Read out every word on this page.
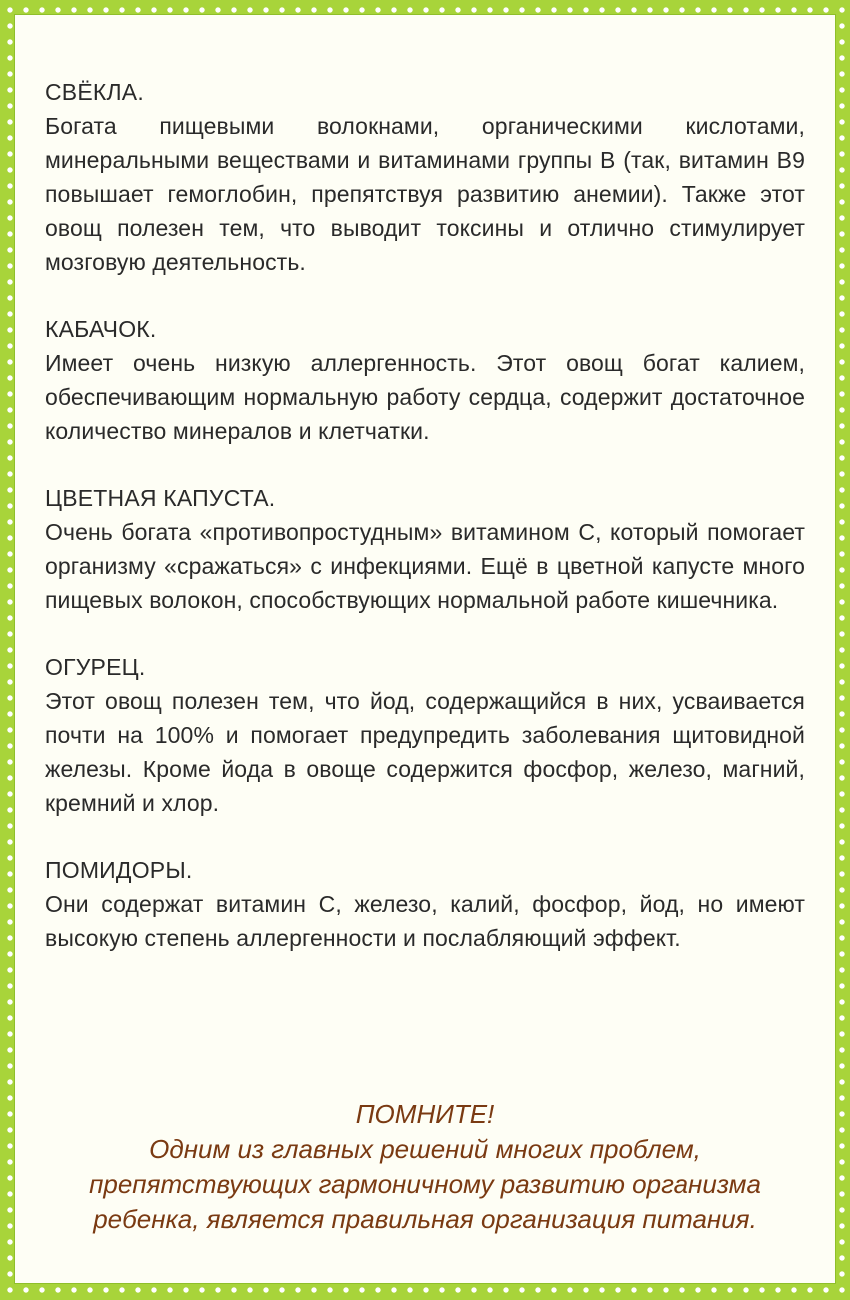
СВЁКЛА.
Богата пищевыми волокнами, органическими кислотами, минеральными веществами и витаминами группы В (так, витамин В9 повышает гемоглобин, препятствуя развитию анемии). Также этот овощ полезен тем, что выводит токсины и отлично стимулирует мозговую деятельность.
КАБАЧОК.
Имеет очень низкую аллергенность. Этот овощ богат калием, обеспечивающим нормальную работу сердца, содержит достаточное количество минералов и клетчатки.
ЦВЕТНАЯ КАПУСТА.
Очень богата «противопростудным» витамином С, который помогает организму «сражаться» с инфекциями. Ещё в цветной капусте много пищевых волокон, способствующих нормальной работе кишечника.
ОГУРЕЦ.
Этот овощ полезен тем, что йод, содержащийся в них, усваивается почти на 100% и помогает предупредить заболевания щитовидной железы. Кроме йода в овоще содержится фосфор, железо, магний, кремний и хлор.
ПОМИДОРЫ.
Они содержат витамин С, железо, калий, фосфор, йод, но имеют высокую степень аллергенности и послабляющий эффект.
ПОМНИТЕ!
Одним из главных решений многих проблем,
препятствующих гармоничному развитию организма
ребенка, является правильная организация питания.
